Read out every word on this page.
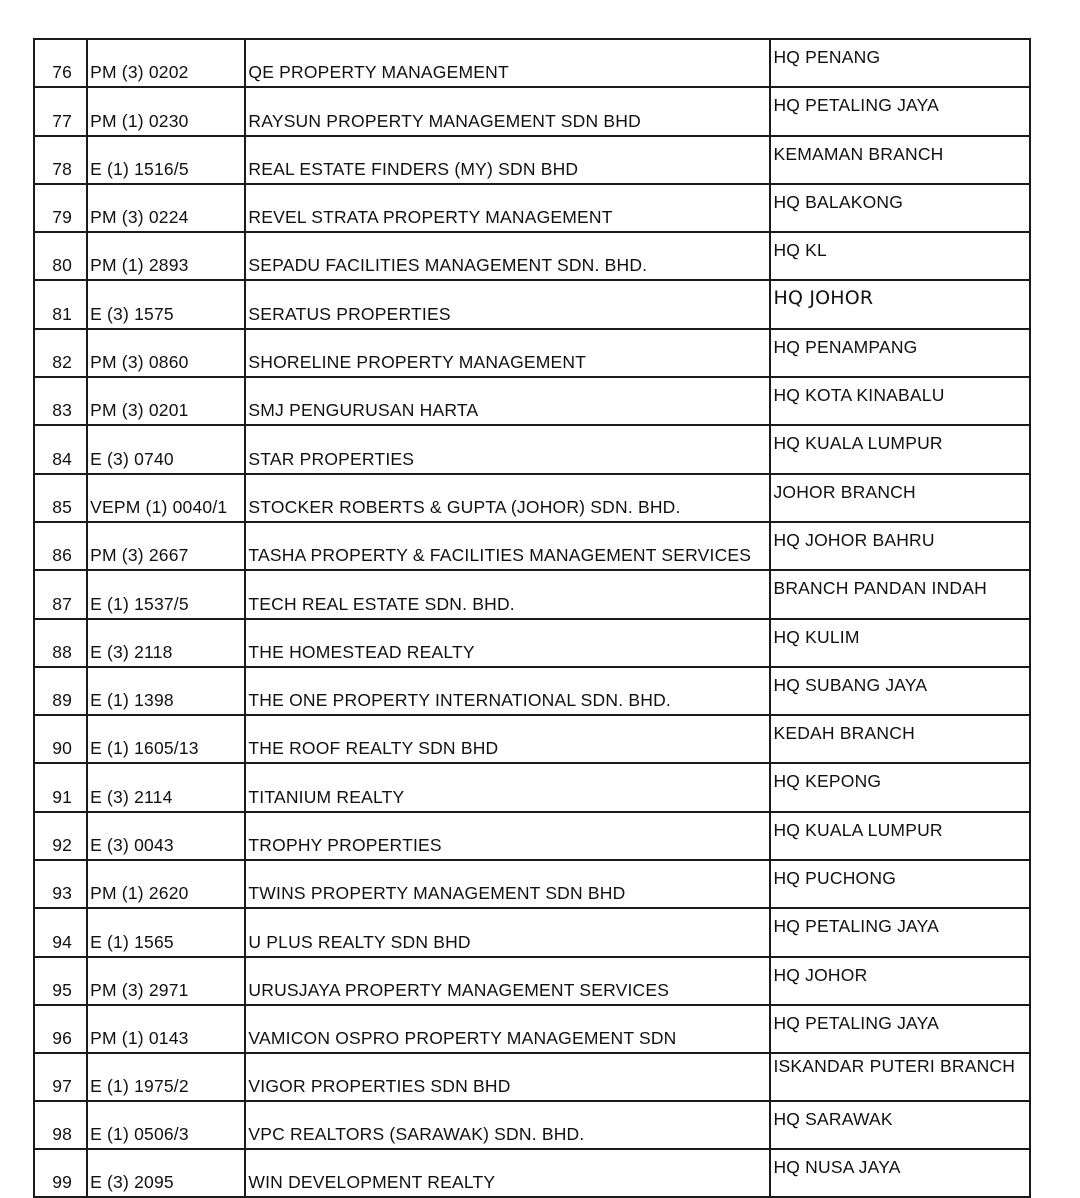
76	PM (3) 0202	QE PROPERTY MANAGEMENT	HQ PENANG
77	PM (1) 0230	RAYSUN PROPERTY MANAGEMENT SDN BHD	HQ PETALING JAYA
78	E (1) 1516/5	REAL ESTATE FINDERS (MY) SDN BHD	KEMAMAN BRANCH
79	PM (3) 0224	REVEL STRATA PROPERTY MANAGEMENT	HQ BALAKONG
80	PM (1) 2893	SEPADU FACILITIES MANAGEMENT SDN. BHD.	HQ KL
81	E (3) 1575	SERATUS PROPERTIES	HQ JOHOR
82	PM (3) 0860	SHORELINE PROPERTY MANAGEMENT	HQ PENAMPANG
83	PM (3) 0201	SMJ PENGURUSAN HARTA	HQ KOTA KINABALU
84	E (3) 0740	STAR PROPERTIES	HQ KUALA LUMPUR
85	VEPM (1) 0040/1	STOCKER ROBERTS & GUPTA (JOHOR) SDN. BHD.	JOHOR BRANCH
86	PM (3) 2667	TASHA PROPERTY & FACILITIES MANAGEMENT SERVICES	HQ JOHOR BAHRU
87	E (1) 1537/5	TECH REAL ESTATE SDN. BHD.	BRANCH PANDAN INDAH
88	E (3) 2118	THE HOMESTEAD REALTY	HQ KULIM
89	E (1) 1398	THE ONE PROPERTY INTERNATIONAL SDN. BHD.	HQ SUBANG JAYA
90	E (1) 1605/13	THE ROOF REALTY SDN BHD	KEDAH BRANCH
91	E (3) 2114	TITANIUM REALTY	HQ KEPONG
92	E (3) 0043	TROPHY PROPERTIES	HQ KUALA LUMPUR
93	PM (1) 2620	TWINS PROPERTY MANAGEMENT SDN BHD	HQ PUCHONG
94	E (1) 1565	U PLUS REALTY SDN BHD	HQ PETALING JAYA
95	PM (3) 2971	URUSJAYA PROPERTY MANAGEMENT SERVICES	HQ JOHOR
96	PM (1) 0143	VAMICON OSPRO PROPERTY MANAGEMENT SDN	HQ PETALING JAYA
97	E (1) 1975/2	VIGOR PROPERTIES SDN BHD	ISKANDAR PUTERI BRANCH
98	E (1) 0506/3	VPC REALTORS (SARAWAK) SDN. BHD.	HQ SARAWAK
99	E (3) 2095	WIN DEVELOPMENT REALTY	HQ NUSA JAYA
